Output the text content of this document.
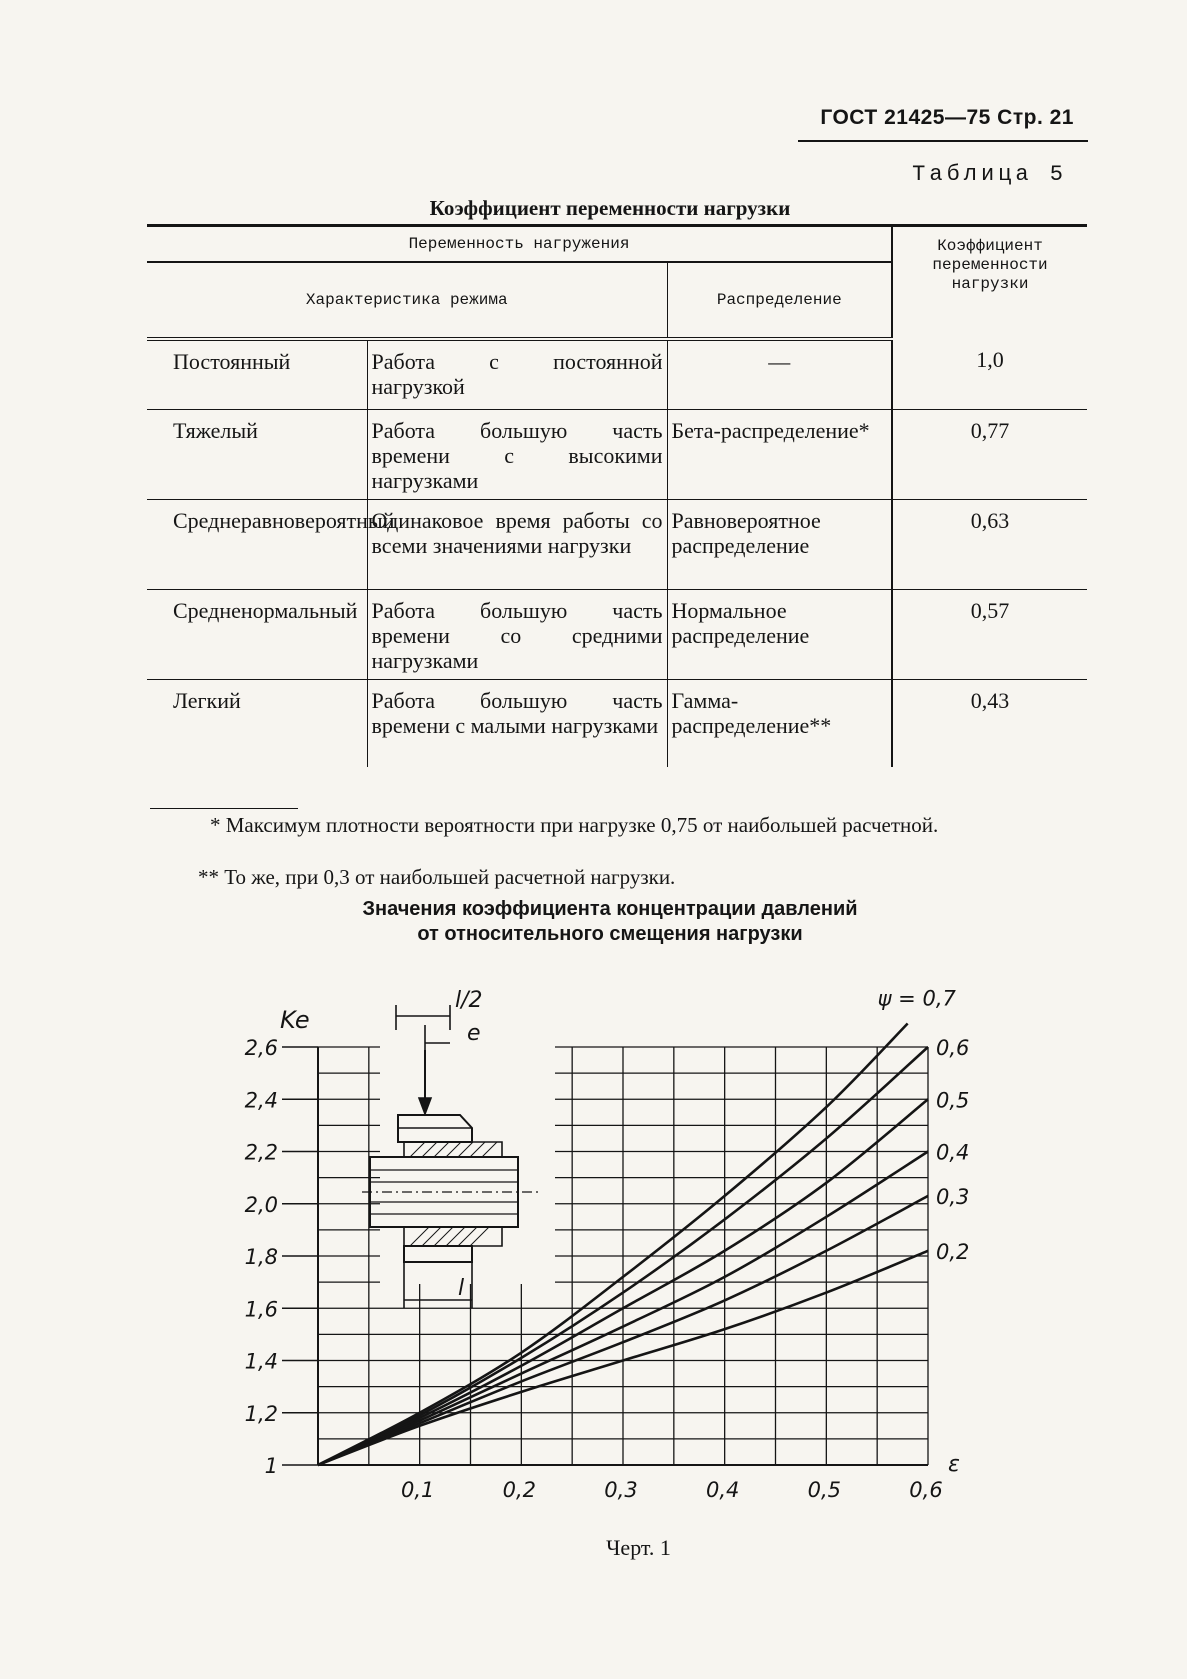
ГОСТ 21425—75 Стр. 21
Таблица 5
Коэффициент переменности нагрузки
Переменность нагружения			Коэффициент переменности нагрузки
Характеристика режима		Распределение	
Постоянный	Работа с постоянной нагрузкой	—	1,0
Тяжелый	Работа большую часть времени с высокими нагрузками	Бета-распределение*	0,77
Среднеравновероятный	Одинаковое время работы со всеми значениями нагрузки	Равновероятное распределение	0,63
Средненормальный	Работа большую часть времени со средними нагрузками	Нормальное распределение	0,57
Легкий	Работа большую часть времени с малыми нагрузками	Гамма-распределение**	0,43
* Максимум плотности вероятности при нагрузке 0,75 от наибольшей расчетной.
** То же, при 0,3 от наибольшей расчетной нагрузки.
Значения коэффициента концентрации давлений
от относительного смещения нагрузки
1
1,2
1,4
1,6
1,8
2,0
2,2
2,4
2,6
0,1	0,2	0,3	0,4	0,5	0,6
Ke
ε
ψ = 0,7
0,6
0,5
0,4
0,3
0,2
l/2
e
l
Черт. 1
